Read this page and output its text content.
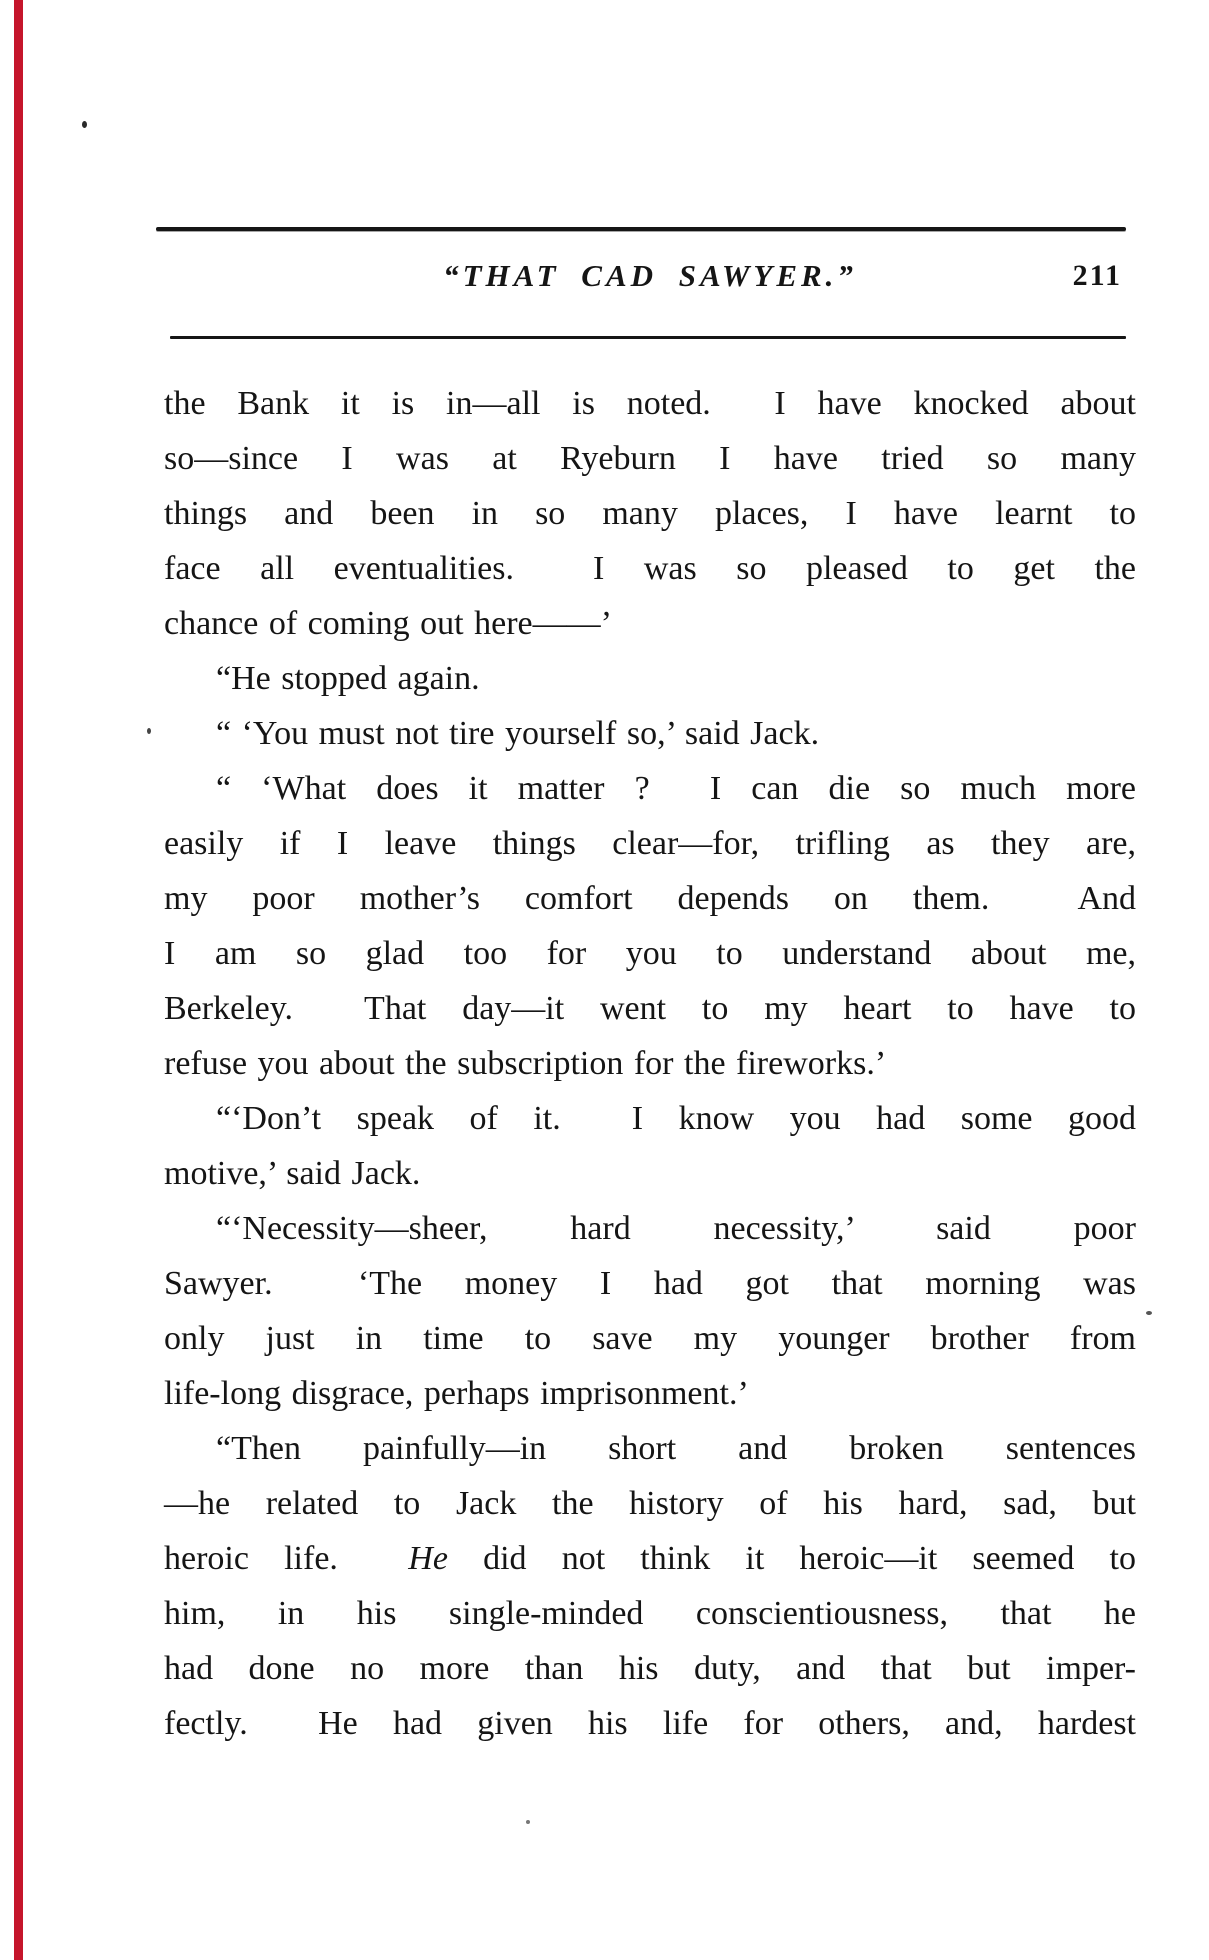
“THAT CAD SAWYER.”	211
the Bank it is in—all is noted.  I have knocked about
so—since I was at Ryeburn I have tried so many
things and been in so many places, I have learnt to
face all eventualities.  I was so pleased to get the
chance of coming out here——’
“He stopped again.
“ ‘You must not tire yourself so,’ said Jack.
“ ‘What does it matter ?  I can die so much more
easily if I leave things clear—for, trifling as they are,
my poor mother’s comfort depends on them.  And
I am so glad too for you to understand about me,
Berkeley.  That day—it went to my heart to have to
refuse you about the subscription for the fireworks.’
“‘Don’t speak of it.  I know you had some good
motive,’ said Jack.
“‘Necessity—sheer, hard necessity,’ said poor
Sawyer.  ‘The money I had got that morning was
only just in time to save my younger brother from
life-long disgrace, perhaps imprisonment.’
“Then painfully—in short and broken sentences
—he related to Jack the history of his hard, sad, but
heroic life.  He did not think it heroic—it seemed to
him, in his single-minded conscientiousness, that he
had done no more than his duty, and that but imper-
fectly.  He had given his life for others, and, hardest
